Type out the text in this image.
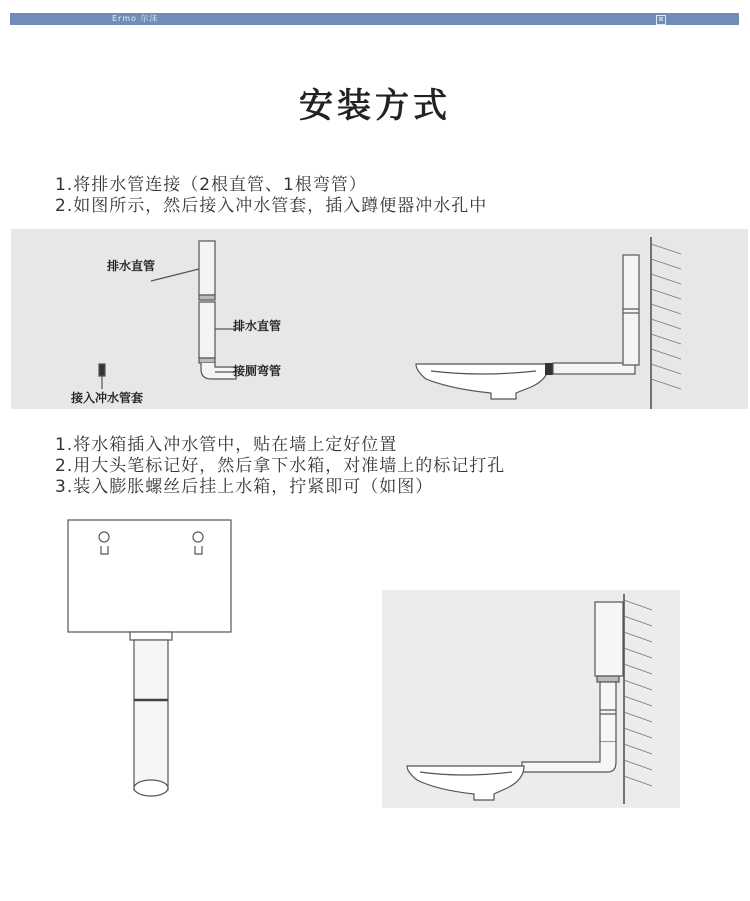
Ermo 尔沫	⊠
安装方式
1.将排水管连接（2根直管、1根弯管）
2.如图所示，然后接入冲水管套，插入蹲便器冲水孔中
排水直管
排水直管
接厕弯管
接入冲水管套
1.将水箱插入冲水管中，贴在墙上定好位置
2.用大头笔标记好，然后拿下水箱，对准墙上的标记打孔
3.装入膨胀螺丝后挂上水箱，拧紧即可（如图）
